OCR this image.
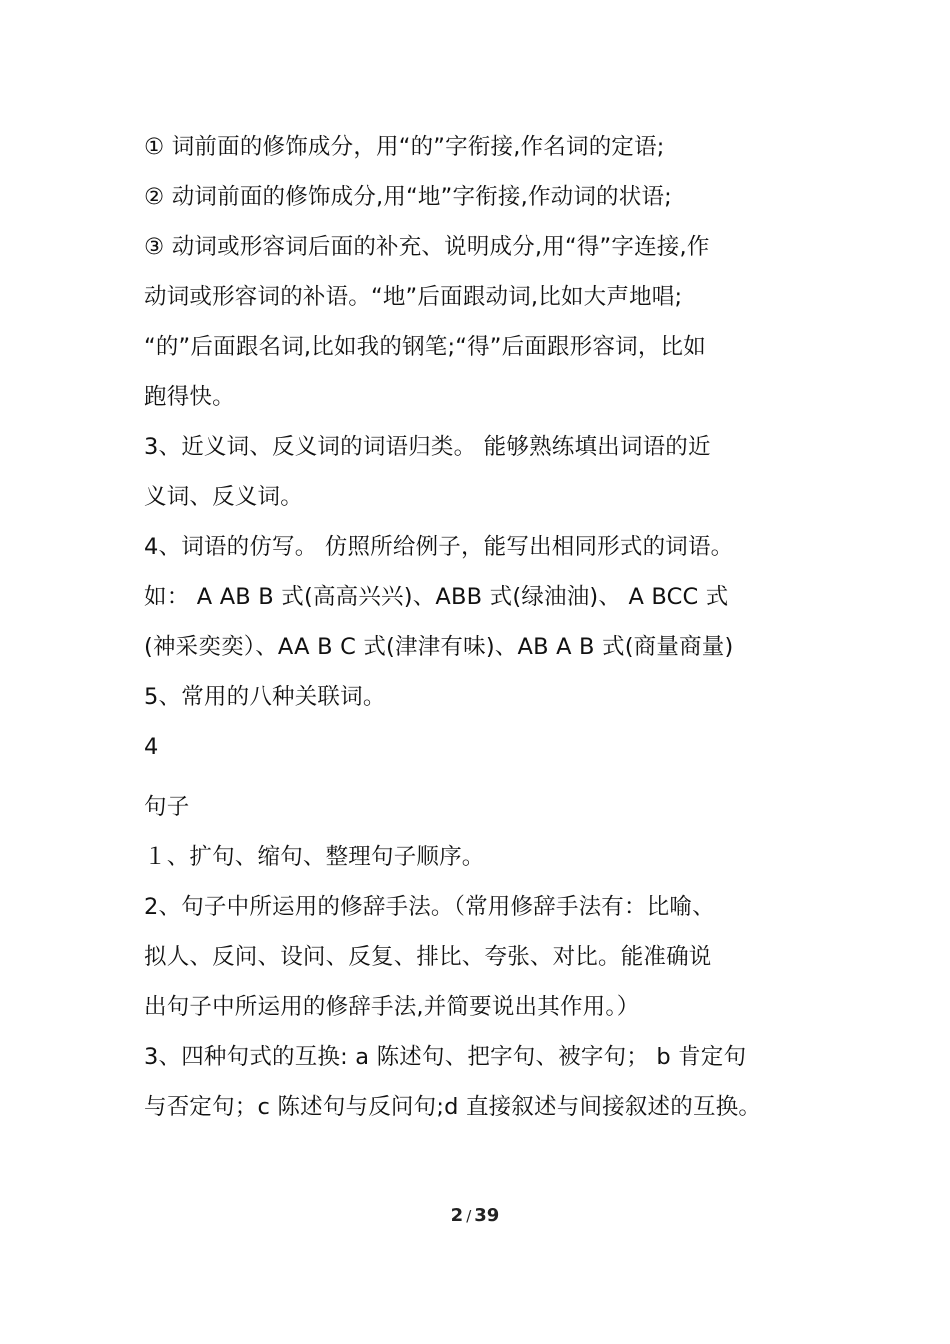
① 词前面的修饰成分，用“的”字衔接,作名词的定语;
② 动词前面的修饰成分,用“地”字衔接,作动词的状语;
③ 动词或形容词后面的补充、说明成分,用“得”字连接,作
动词或形容词的补语。“地”后面跟动词,比如大声地唱;
“的”后面跟名词,比如我的钢笔;“得”后面跟形容词，比如
跑得快。
3、近义词、反义词的词语归类。 能够熟练填出词语的近
义词、反义词。
4、词语的仿写。 仿照所给例子，能写出相同形式的词语。
如： A AB B 式(高高兴兴)、ABB 式(绿油油)、 A BCC 式
(神采奕奕）、AA B C 式(津津有味)、AB A B 式(商量商量)
5、常用的八种关联词。
4
句子
１、扩句、缩句、整理句子顺序。
2、句子中所运用的修辞手法。（常用修辞手法有：比喻、
拟人、反问、设问、反复、排比、夸张、对比。能准确说
出句子中所运用的修辞手法,并简要说出其作用。）
3、四种句式的互换: a 陈述句、把字句、被字句； b 肯定句
与否定句；c 陈述句与反问句;d 直接叙述与间接叙述的互换。
2 / 39
